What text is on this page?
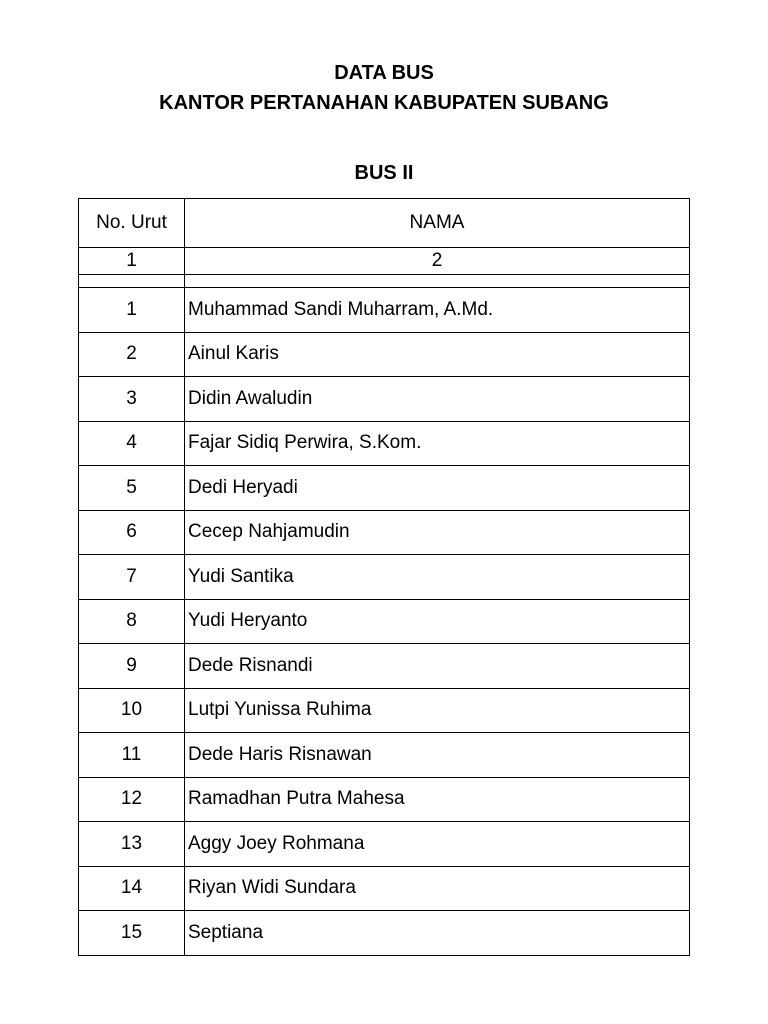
DATA BUS
KANTOR PERTANAHAN KABUPATEN SUBANG
BUS II
No. Urut	NAMA
1	2

1	Muhammad Sandi Muharram, A.Md.
2	Ainul Karis
3	Didin Awaludin
4	Fajar Sidiq Perwira, S.Kom.
5	Dedi Heryadi
6	Cecep Nahjamudin
7	Yudi Santika
8	Yudi Heryanto
9	Dede Risnandi
10	Lutpi Yunissa Ruhima
11	Dede Haris Risnawan
12	Ramadhan Putra Mahesa
13	Aggy Joey Rohmana
14	Riyan Widi Sundara
15	Septiana
